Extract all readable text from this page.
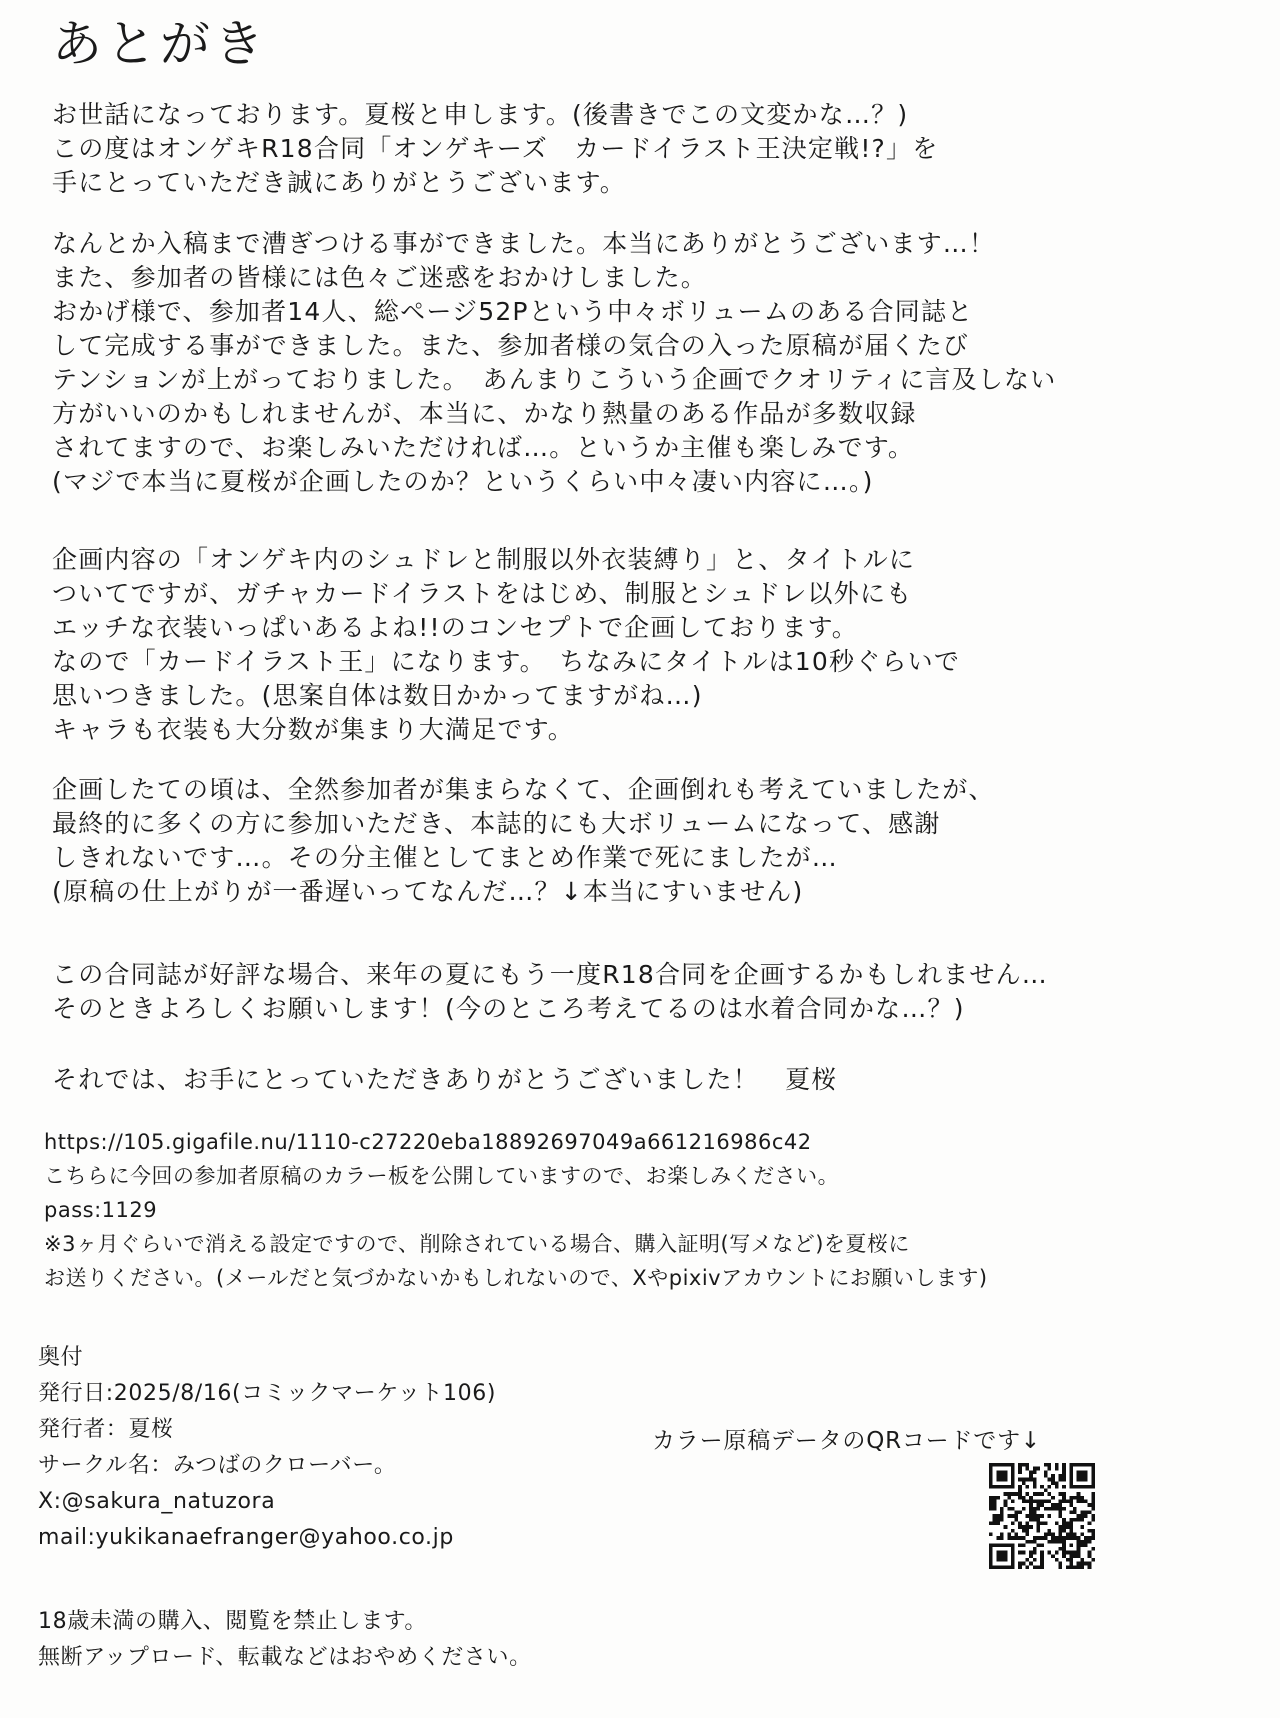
あとがき
お世話になっております。夏桜と申します。(後書きでこの文変かな…？)
この度はオンゲキR18合同「オンゲキーズ　カードイラスト王決定戦!?」を
手にとっていただき誠にありがとうございます。
なんとか入稿まで漕ぎつける事ができました。本当にありがとうございます…！
また、参加者の皆様には色々ご迷惑をおかけしました。
おかげ様で、参加者14人、総ページ52Pという中々ボリュームのある合同誌と
して完成する事ができました。また、参加者様の気合の入った原稿が届くたび
テンションが上がっておりました。　あんまりこういう企画でクオリティに言及しない
方がいいのかもしれませんが、本当に、かなり熱量のある作品が多数収録
されてますので、お楽しみいただければ…。というか主催も楽しみです。
(マジで本当に夏桜が企画したのか？というくらい中々凄い内容に…。)
企画内容の「オンゲキ内のシュドレと制服以外衣装縛り」と、タイトルに
ついてですが、ガチャカードイラストをはじめ、制服とシュドレ以外にも
エッチな衣装いっぱいあるよね!!のコンセプトで企画しております。
なので「カードイラスト王」になります。　ちなみにタイトルは10秒ぐらいで
思いつきました。(思案自体は数日かかってますがね…)
キャラも衣装も大分数が集まり大満足です。
企画したての頃は、全然参加者が集まらなくて、企画倒れも考えていましたが、
最終的に多くの方に参加いただき、本誌的にも大ボリュームになって、感謝
しきれないです…。その分主催としてまとめ作業で死にましたが…
(原稿の仕上がりが一番遅いってなんだ…？↓本当にすいません)
この合同誌が好評な場合、来年の夏にもう一度R18合同を企画するかもしれません…
そのときよろしくお願いします！(今のところ考えてるのは水着合同かな…？)
それでは、お手にとっていただきありがとうございました！　夏桜
https://105.gigafile.nu/1110-c27220eba18892697049a661216986c42
こちらに今回の参加者原稿のカラー板を公開していますので、お楽しみください。
pass:1129
※3ヶ月ぐらいで消える設定ですので、削除されている場合、購入証明(写メなど)を夏桜に
お送りください。(メールだと気づかないかもしれないので、Xやpixivアカウントにお願いします)
奥付
発行日:2025/8/16(コミックマーケット106)
発行者：夏桜
サークル名：みつばのクローバー。
X:@sakura_natuzora
mail:yukikanaefranger@yahoo.co.jp
カラー原稿データのQRコードです↓
18歳未満の購入、閲覧を禁止します。
無断アップロード、転載などはおやめください。
